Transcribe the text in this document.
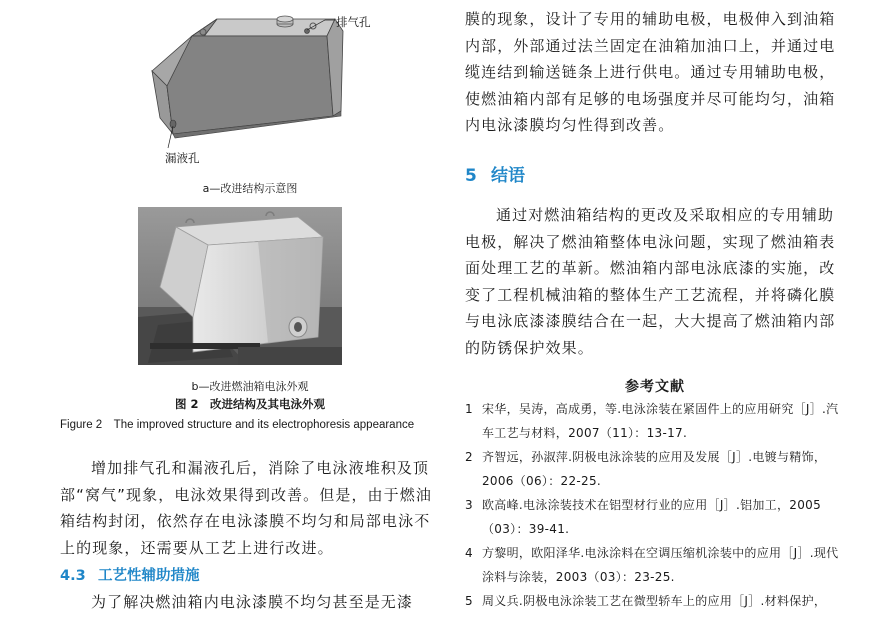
排气孔
漏液孔
a—改进结构示意图
b—改进燃油箱电泳外观
图 2　改进结构及其电泳外观
Figure 2　The improved structure and its electrophoresis appearance
增加排气孔和漏液孔后，消除了电泳液堆积及顶部“窝气”现象，电泳效果得到改善。但是，由于燃油箱结构封闭，依然存在电泳漆膜不均匀和局部电泳不上的现象，还需要从工艺上进行改进。
4.3 工艺性辅助措施
为了解决燃油箱内电泳漆膜不均匀甚至是无漆
膜的现象，设计了专用的辅助电极，电极伸入到油箱内部，外部通过法兰固定在油箱加油口上，并通过电缆连结到输送链条上进行供电。通过专用辅助电极，使燃油箱内部有足够的电场强度并尽可能均匀，油箱内电泳漆膜均匀性得到改善。
5 结语
通过对燃油箱结构的更改及采取相应的专用辅助电极，解决了燃油箱整体电泳问题，实现了燃油箱表面处理工艺的革新。燃油箱内部电泳底漆的实施，改变了工程机械油箱的整体生产工艺流程，并将磷化膜与电泳底漆漆膜结合在一起，大大提高了燃油箱内部的防锈保护效果。
参考文献
1 宋华，吴涛，高成勇，等.电泳涂装在紧固件上的应用研究［J］.汽车工艺与材料，2007（11）：13-17.
2 齐智远，孙淑萍.阴极电泳涂装的应用及发展［J］.电镀与精饰，2006（06）：22-25.
3 欧高峰.电泳涂装技术在铝型材行业的应用［J］.铝加工，2005（03）：39-41.
4 方黎明，欧阳泽华.电泳涂料在空调压缩机涂装中的应用［J］.现代涂料与涂装，2003（03）：23-25.
5 周义兵.阴极电泳涂装工艺在微型轿车上的应用［J］.材料保护，
